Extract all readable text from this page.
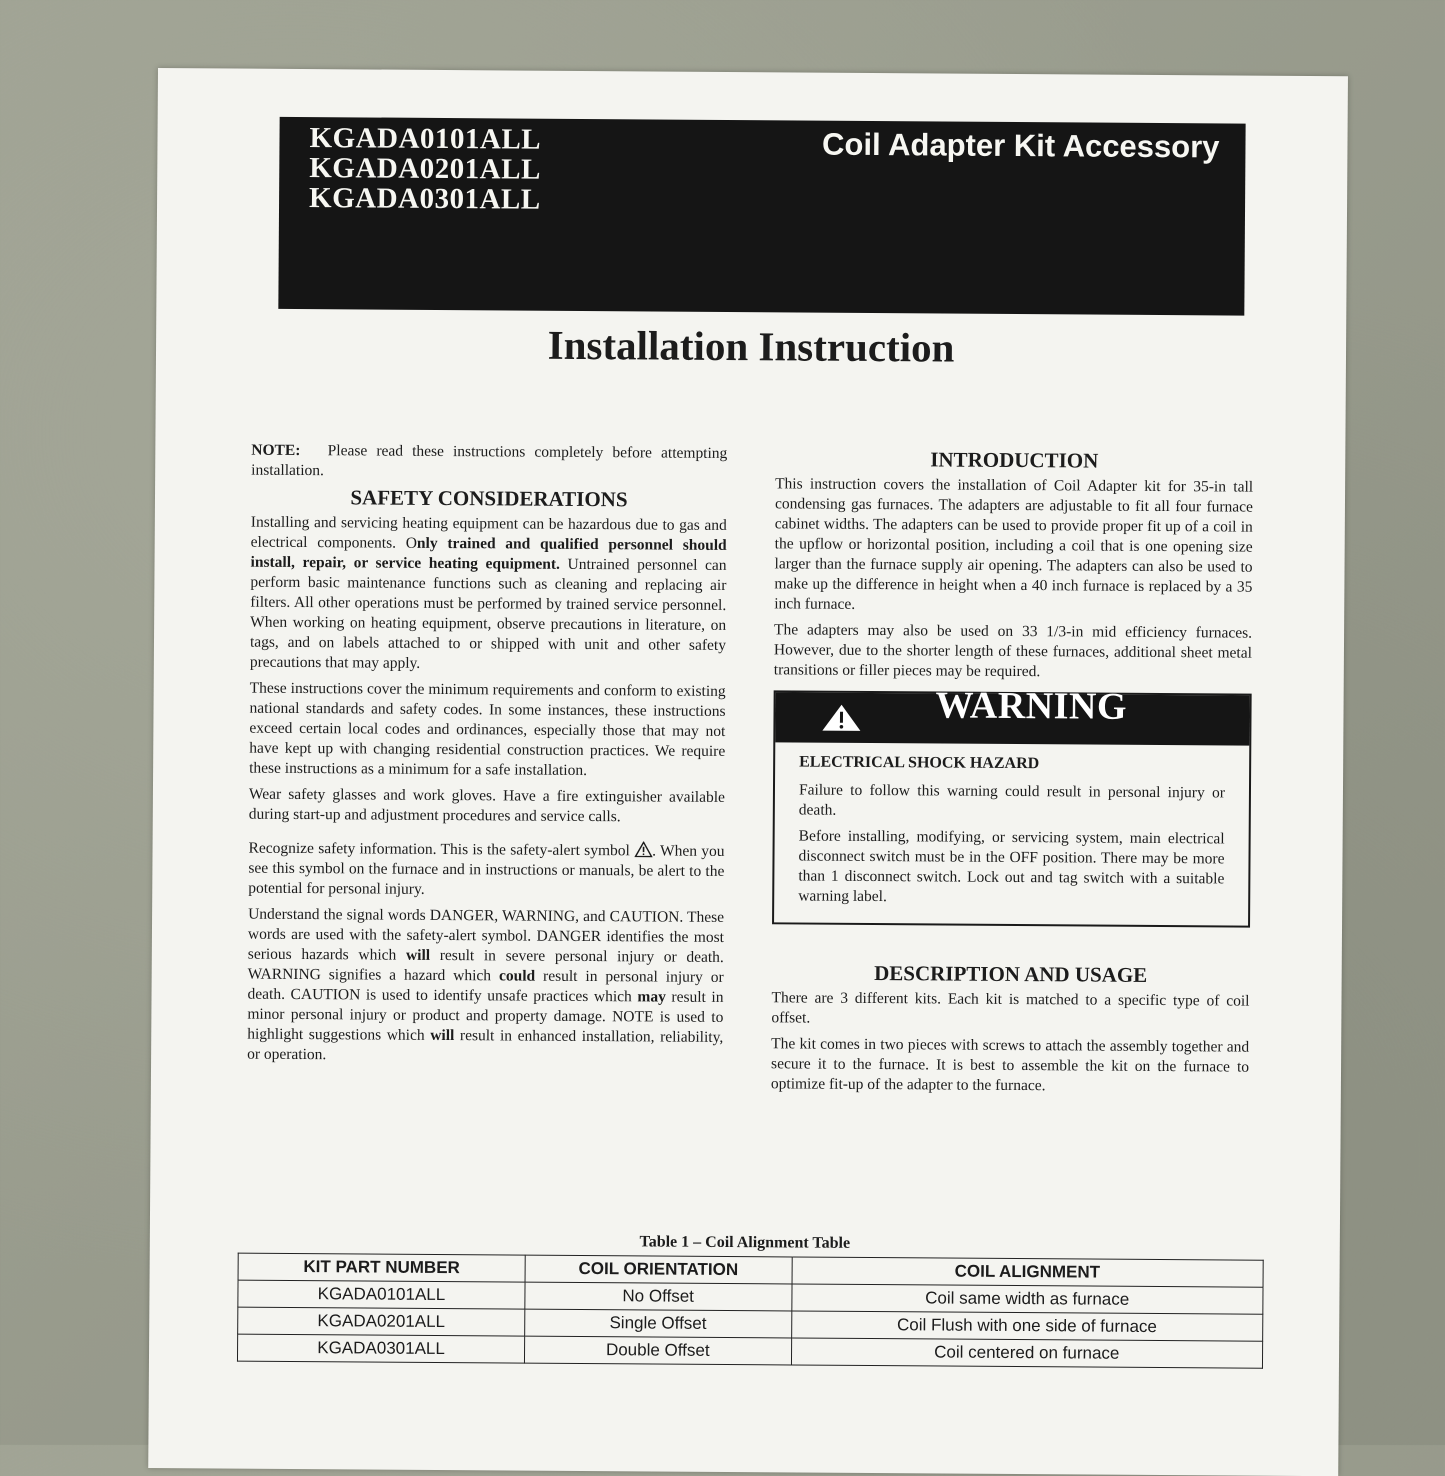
KGADA0101ALL
KGADA0201ALL
KGADA0301ALL
Coil Adapter Kit Accessory
Installation Instruction

NOTE: Please read these instructions completely before attempting installation.

SAFETY CONSIDERATIONS

Installing and servicing heating equipment can be hazardous due to gas and electrical components. Only trained and qualified personnel should install, repair, or service heating equipment. Untrained personnel can perform basic maintenance functions such as cleaning and replacing air filters. All other operations must be performed by trained service personnel. When working on heating equipment, observe precautions in literature, on tags, and on labels attached to or shipped with unit and other safety precautions that may apply.

These instructions cover the minimum requirements and conform to existing national standards and safety codes. In some instances, these instructions exceed certain local codes and ordinances, especially those that may not have kept up with changing residential construction practices. We require these instructions as a minimum for a safe installation.

Wear safety glasses and work gloves. Have a fire extinguisher available during start-up and adjustment procedures and service calls.

Recognize safety information. This is the safety-alert symbol . When you see this symbol on the furnace and in instructions or manuals, be alert to the potential for personal injury.

Understand the signal words DANGER, WARNING, and CAUTION. These words are used with the safety-alert symbol. DANGER identifies the most serious hazards which will result in severe personal injury or death. WARNING signifies a hazard which could result in personal injury or death. CAUTION is used to identify unsafe practices which may result in minor personal injury or product and property damage. NOTE is used to highlight suggestions which will result in enhanced installation, reliability, or operation.

INTRODUCTION

This instruction covers the installation of Coil Adapter kit for 35-in tall condensing gas furnaces. The adapters are adjustable to fit all four furnace cabinet widths. The adapters can be used to provide proper fit up of a coil in the upflow or horizontal position, including a coil that is one opening size larger than the furnace supply air opening. The adapters can also be used to make up the difference in height when a 40 inch furnace is replaced by a 35 inch furnace.

The adapters may also be used on 33 1/3-in mid efficiency furnaces. However, due to the shorter length of these furnaces, additional sheet metal transitions or filler pieces may be required.

WARNING

ELECTRICAL SHOCK HAZARD

Failure to follow this warning could result in personal injury or death.

Before installing, modifying, or servicing system, main electrical disconnect switch must be in the OFF position. There may be more than 1 disconnect switch. Lock out and tag switch with a suitable warning label.

DESCRIPTION AND USAGE

There are 3 different kits. Each kit is matched to a specific type of coil offset.

The kit comes in two pieces with screws to attach the assembly together and secure it to the furnace. It is best to assemble the kit on the furnace to optimize fit-up of the adapter to the furnace.

Table 1 – Coil Alignment Table
KIT PART NUMBER	COIL ORIENTATION	COIL ALIGNMENT
KGADA0101ALL	No Offset	Coil same width as furnace
KGADA0201ALL	Single Offset	Coil Flush with one side of furnace
KGADA0301ALL	Double Offset	Coil centered on furnace
